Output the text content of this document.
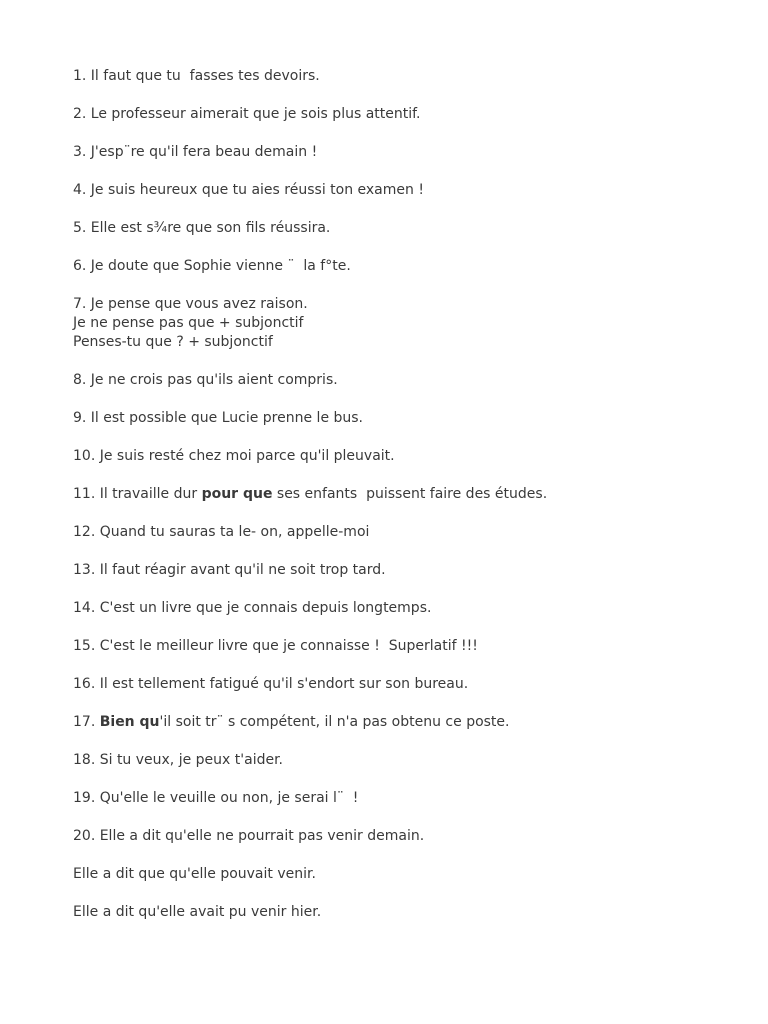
1. Il faut que tu  fasses tes devoirs.

2. Le professeur aimerait que je sois plus attentif.

3. J'esp¨re qu'il fera beau demain !

4. Je suis heureux que tu aies réussi ton examen !

5. Elle est s¾re que son fils réussira.

6. Je doute que Sophie vienne ¨  la f°te.

7. Je pense que vous avez raison.

Je ne pense pas que + subjonctif

Penses-tu que ? + subjonctif

8. Je ne crois pas qu'ils aient compris.

9. Il est possible que Lucie prenne le bus.

10. Je suis resté chez moi parce qu'il pleuvait.

11. Il travaille dur pour que ses enfants  puissent faire des études.

12. Quand tu sauras ta le- on, appelle-moi

13. Il faut réagir avant qu'il ne soit trop tard.

14. C'est un livre que je connais depuis longtemps.

15. C'est le meilleur livre que je connaisse !  Superlatif !!!

16. Il est tellement fatigué qu'il s'endort sur son bureau.

17. Bien qu'il soit tr¨ s compétent, il n'a pas obtenu ce poste.

18. Si tu veux, je peux t'aider.

19. Qu'elle le veuille ou non, je serai l¨  !

20. Elle a dit qu'elle ne pourrait pas venir demain.

Elle a dit que qu'elle pouvait venir.

Elle a dit qu'elle avait pu venir hier.
